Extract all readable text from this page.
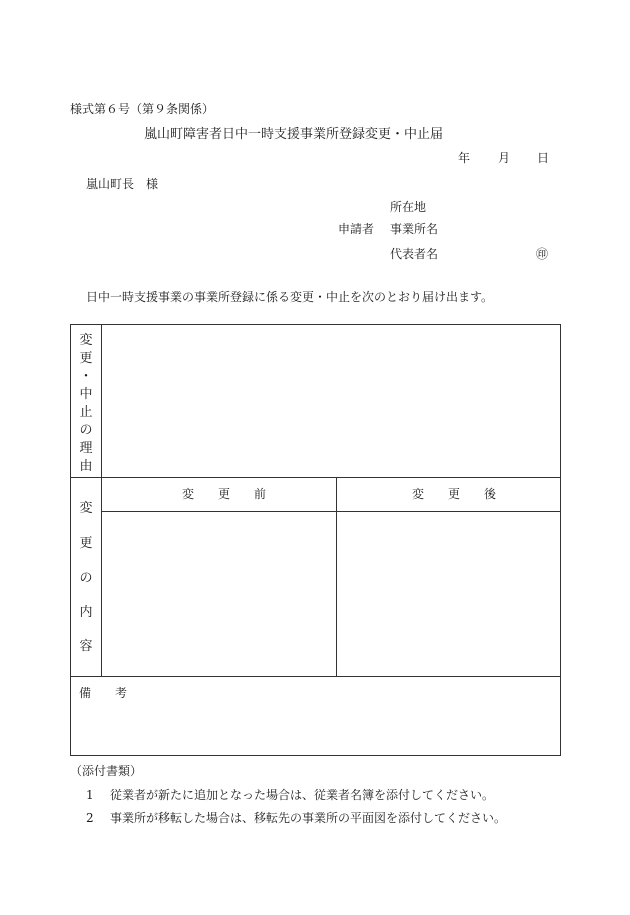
様式第６号（第９条関係）
嵐山町障害者日中一時支援事業所登録変更・中止届
年 月 日
嵐山町長　様
所在地
申請者 事業所名
代表者名	㊞
日中一時支援事業の事業所登録に係る変更・中止を次のとおり届け出ます。
変
更
・
中
止
の
理
由
変
更
の
内
容
変　　更　　前	変　　更　　後
備　　考
（添付書類）
1 従業者が新たに追加となった場合は、従業者名簿を添付してください。
2 事業所が移転した場合は、移転先の事業所の平面図を添付してください。
